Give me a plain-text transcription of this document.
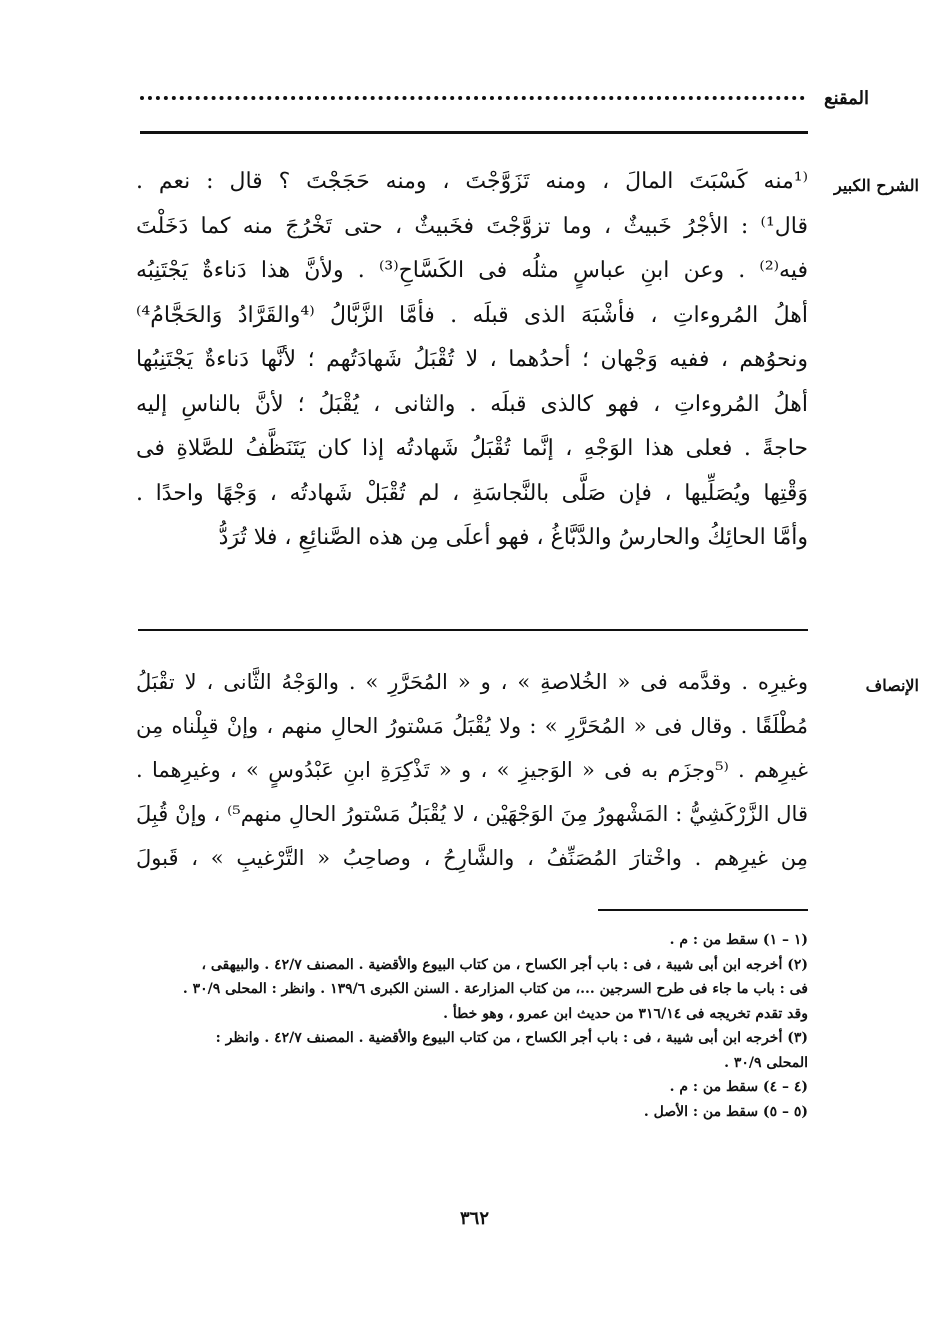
المقنع
الشرح الكبير
⁽¹منه كَسْبَتَ المالَ ، ومنه تَزَوَّجْتَ ، ومنه حَجَجْتَ ؟ قال : نعم .
قال¹⁾ : الأجْرُ خَبيثٌ ، وما تزوَّجْتَ فخَبيثٌ ، حتى تَخْرُجَ منه كما دَخَلْتَ
فيه⁽²⁾ . وعن ابنِ عباسٍ مثلُه فى الكَسَّاحِ⁽³⁾ . ولأنَّ هذا دَناءةٌ يَجْتَنِبُه
أهلُ المُروءاتِ ، فأشْبَهَ الذى قبلَه . فأمَّا الزَّبَّالُ ⁽⁴والقَرَّادُ وَالحَجَّامُ⁴⁾
ونحوُهم ، ففيه وَجْهان ؛ أحدُهما ، لا تُقْبَلُ شَهادَتُهم ؛ لأنَّها دَناءةٌ يَجْتَنِبُها
أهلُ المُروءاتِ ، فهو كالذى قبلَه . والثانى ، يُقْبَلُ ؛ لأنَّ بالناسِ إليه
حاجةً . فعلى هذا الوَجْهِ ، إنَّما تُقْبَلُ شَهادتُه إذا كان يَتَنَظَّفُ للصَّلاةِ فى
وَقْتِها ويُصَلِّيها ، فإن صَلَّى بالنَّجاسَةِ ، لم تُقْبَلْ شَهادتُه ، وَجْهًا واحدًا .
وأمَّا الحائِكُ والحارسُ والدَّبَّاغُ ، فهو أعلَى مِن هذه الصَّنائِعِ ، فلا تُرَدُّ
الإنصاف
وغيرِه . وقدَّمه فى « الخُلاصةِ » ، و « المُحَرَّرِ » . والوَجْهُ الثَّانى ، لا تقْبَلُ
مُطْلَقًا . وقال فى « المُحَرَّرِ » : ولا يُقْبَلُ مَسْتورُ الحالِ منهم ، وإنْ قبِلْناه مِن
غيرِهم . ⁽⁵وجزَم به فى « الوَجيزِ » ، و « تَذْكِرَةِ ابنِ عَبْدُوسٍ » ، وغيرِهما .
قال الزَّرْكَشِيُّ : المَشْهورُ مِنَ الوَجْهَيْن ، لا يُقْبَلُ مَسْتورُ الحالِ منهم⁵⁾ ، وإنْ قُبِلَ
مِن غيرِهم . واخْتارَ المُصَنِّفُ ، والشَّارِحُ ، وصاحِبُ « التَّرْغيبِ » ، قَبولَ
(١ – ١) سقط من : م .
(٢) أخرجه ابن أبى شيبة ، فى : باب أجر الكساح ، من كتاب البيوع والأقضية . المصنف ٤٢/٧ . والبيهقى ،
فى : باب ما جاء فى طرح السرجين ...، من كتاب المزارعة . السنن الكبرى ١٣٩/٦ . وانظر : المحلى ٣٠/٩ .
وقد تقدم تخريجه فى ٣١٦/١٤ من حديث ابن عمرو ، وهو خطأ .
(٣) أخرجه ابن أبى شيبة ، فى : باب أجر الكساح ، من كتاب البيوع والأقضية . المصنف ٤٢/٧ . وانظر :
المحلى ٣٠/٩ .
(٤ – ٤) سقط من : م .
(٥ – ٥) سقط من : الأصل .
٣٦٢
